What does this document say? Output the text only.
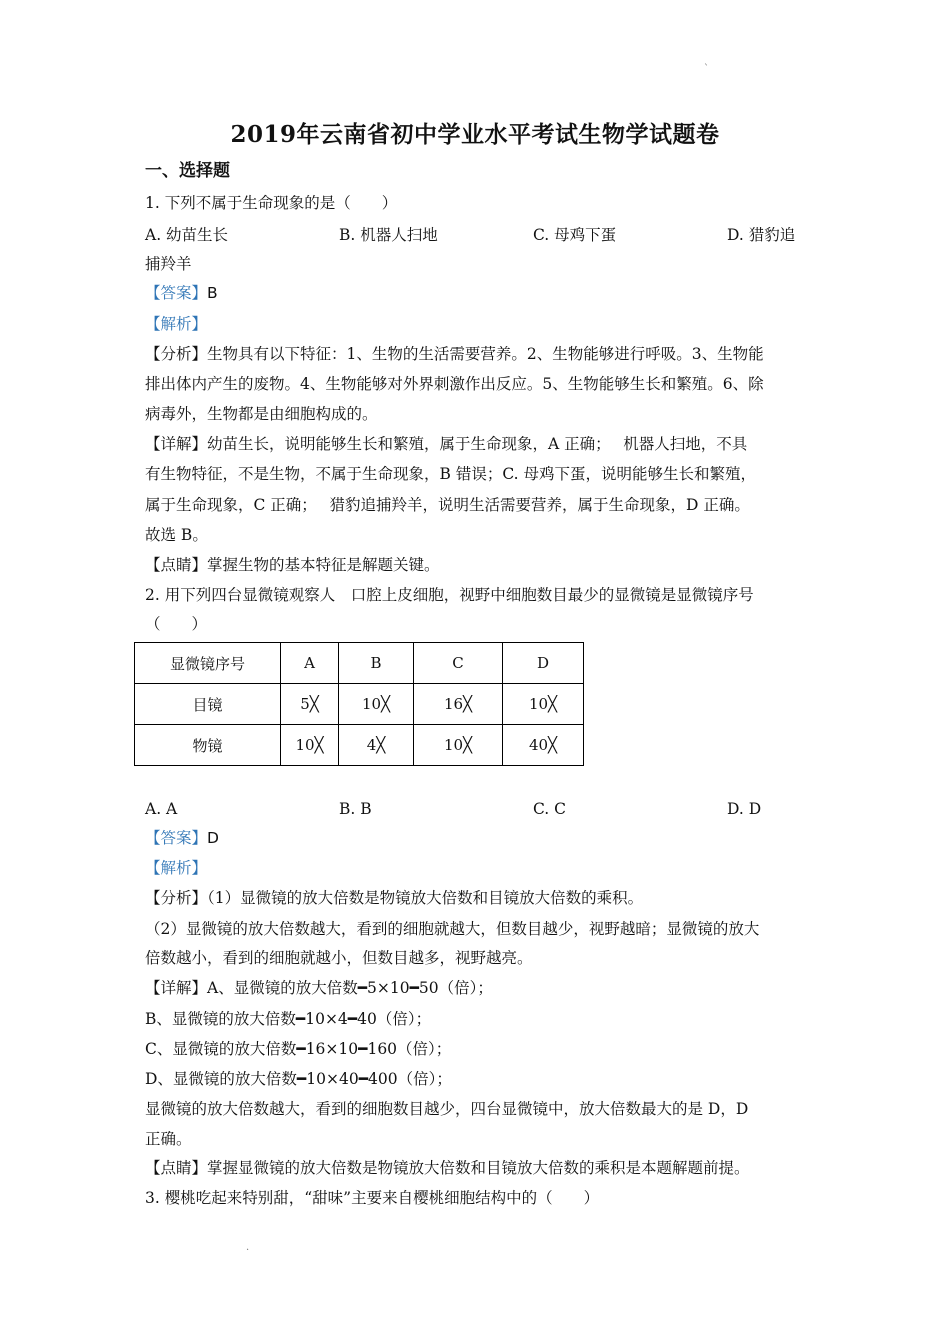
`
.
2019年云南省初中学业水平考试生物学试题卷
一、选择题
1. 下列不属于生命现象的是（　　）
A. 幼苗生长	B. 机器人扫地	C. 母鸡下蛋	D. 猎豹追
捕羚羊
【答案】B
【解析】
【分析】生物具有以下特征：1、生物的生活需要营养。2、生物能够进行呼吸。3、生物能
排出体内产生的废物。4、生物能够对外界刺激作出反应。5、生物能够生长和繁殖。6、除
病毒外，生物都是由细胞构成的。
【详解】幼苗生长，说明能够生长和繁殖，属于生命现象，A 正确；　 机器人扫地，不具
有生物特征，不是生物，不属于生命现象，B 错误；C. 母鸡下蛋，说明能够生长和繁殖，
属于生命现象，C 正确；　 猎豹追捕羚羊，说明生活需要营养，属于生命现象，D 正确。
故选 B。
【点睛】掌握生物的基本特征是解题关键。
2. 用下列四台显微镜观察人　口腔上皮细胞，视野中细胞数目最少的显微镜是显微镜序号
（　　）
显微镜序号	A	B	C	D
目镜	5╳	10╳	16╳	10╳
物镜	10╳	4╳	10╳	40╳
A. A	B. B	C. C	D. D
【答案】D
【解析】
【分析】（1）显微镜的放大倍数是物镜放大倍数和目镜放大倍数的乘积。
（2）显微镜的放大倍数越大，看到的细胞就越大，但数目越少，视野越暗；显微镜的放大
倍数越小，看到的细胞就越小，但数目越多，视野越亮。
【详解】A、显微镜的放大倍数━5×10━50（倍）；
B、显微镜的放大倍数━10×4━40（倍）；
C、显微镜的放大倍数━16×10━160（倍）；
D、显微镜的放大倍数━10×40━400（倍）；
显微镜的放大倍数越大，看到的细胞数目越少，四台显微镜中，放大倍数最大的是 D，D
正确。
【点睛】掌握显微镜的放大倍数是物镜放大倍数和目镜放大倍数的乘积是本题解题前提。
3. 樱桃吃起来特别甜，“甜味”主要来自樱桃细胞结构中的（　　）
